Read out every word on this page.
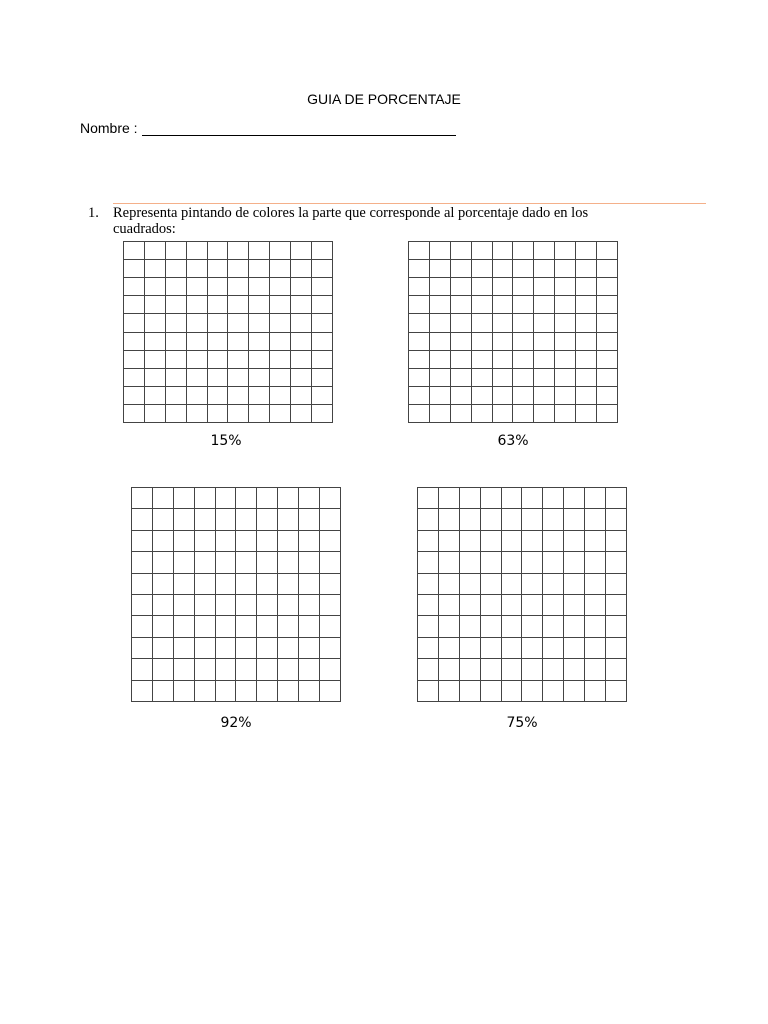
GUIA DE PORCENTAJE
Nombre :
1. Representa pintando de colores la parte que corresponde al porcentaje dado en los cuadrados:
15%	63%
92%	75%
